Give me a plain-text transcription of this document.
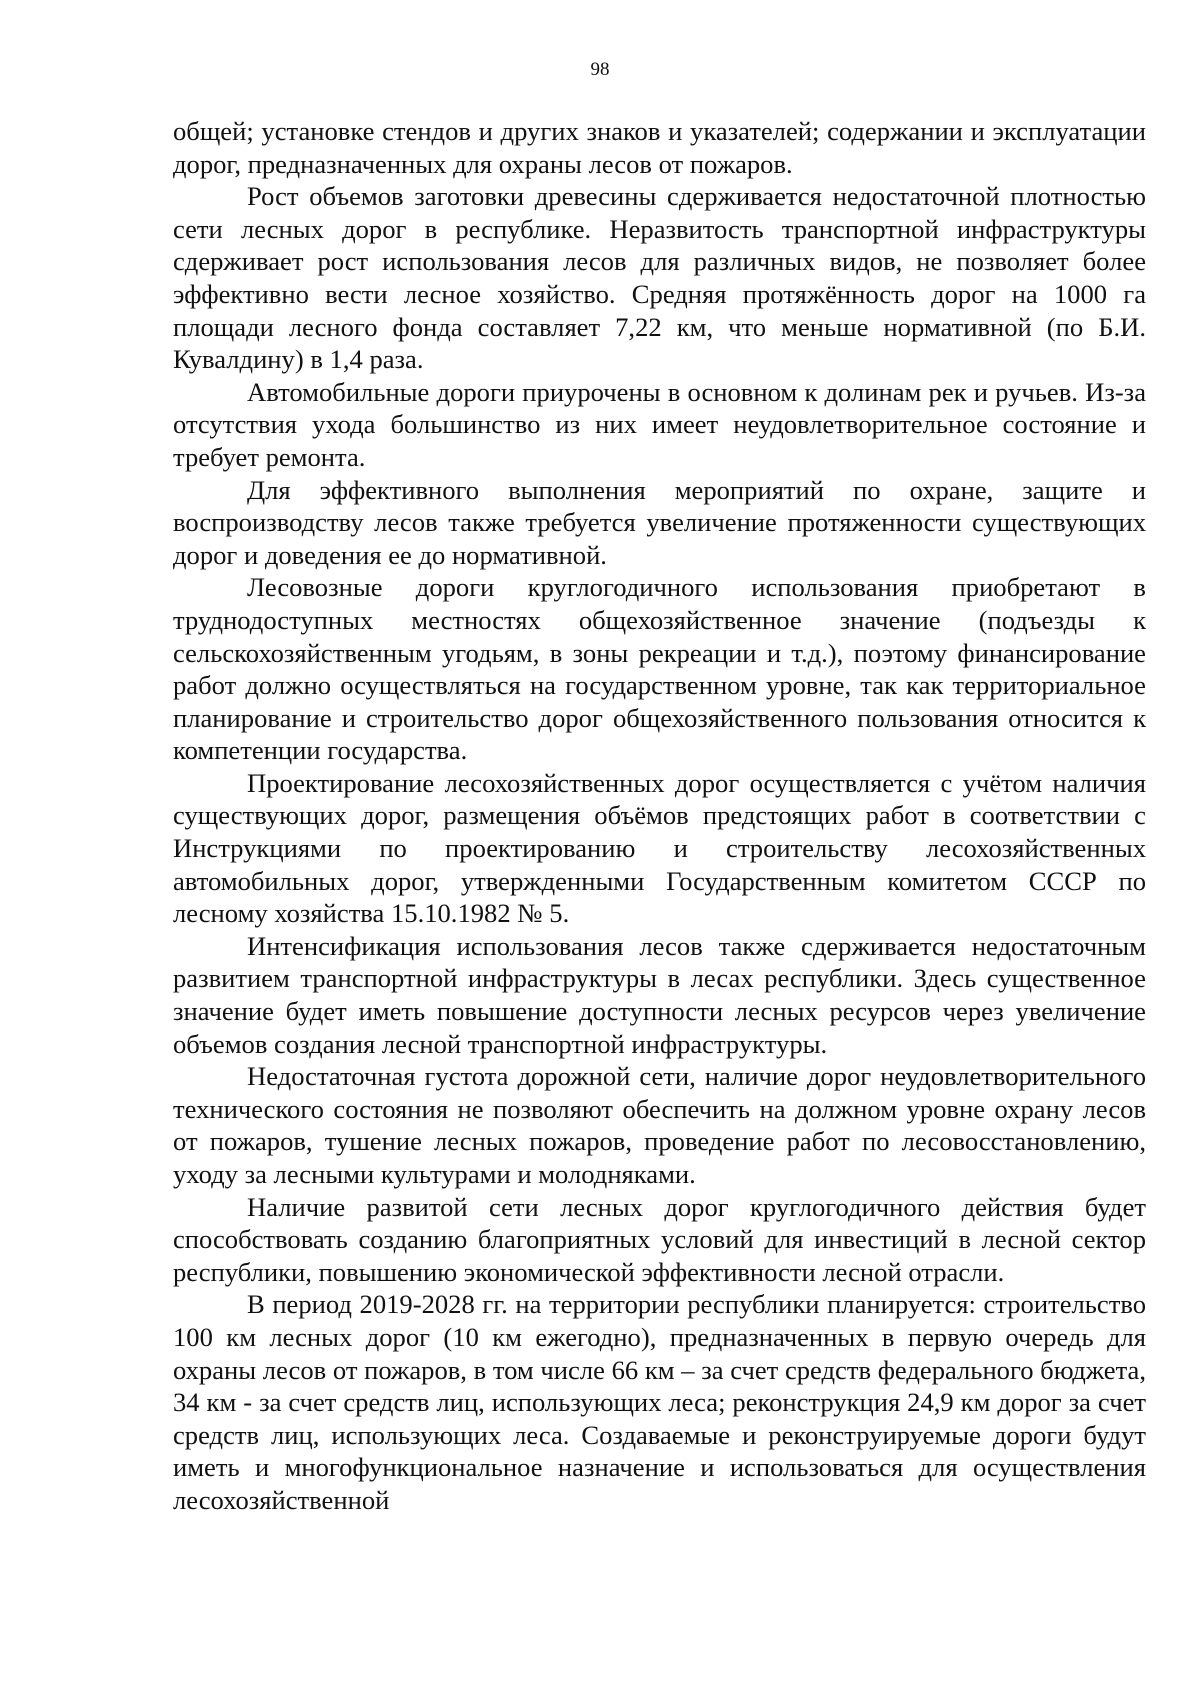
98

общей; установке стендов и других знаков и указателей; содержании и эксплуатации дорог, предназначенных для охраны лесов от пожаров.

Рост объемов заготовки древесины сдерживается недостаточной плотностью сети лесных дорог в республике. Неразвитость транспортной инфраструктуры сдерживает рост использования лесов для различных видов, не позволяет более эффективно вести лесное хозяйство. Средняя протяжённость дорог на 1000 га площади лесного фонда составляет 7,22 км, что меньше нормативной (по Б.И. Кувалдину) в 1,4 раза.

Автомобильные дороги приурочены в основном к долинам рек и ручьев. Из-за отсутствия ухода большинство из них имеет неудовлетворительное состояние и требует ремонта.

Для эффективного выполнения мероприятий по охране, защите и воспроизводству лесов также требуется увеличение протяженности существующих дорог и доведения ее до нормативной.

Лесовозные дороги круглогодичного использования приобретают в труднодоступных местностях общехозяйственное значение (подъезды к сельскохозяйственным угодьям, в зоны рекреации и т.д.), поэтому финансирование работ должно осуществляться на государственном уровне, так как территориальное планирование и строительство дорог общехозяйственного пользования относится к компетенции государства.

Проектирование лесохозяйственных дорог осуществляется с учётом наличия существующих дорог, размещения объёмов предстоящих работ в соответствии с Инструкциями по проектированию и строительству лесохозяйственных автомобильных дорог, утвержденными Государственным комитетом СССР по лесному хозяйства 15.10.1982 № 5.

Интенсификация использования лесов также сдерживается недостаточным развитием транспортной инфраструктуры в лесах республики. Здесь существенное значение будет иметь повышение доступности лесных ресурсов через увеличение объемов создания лесной транспортной инфраструктуры.

Недостаточная густота дорожной сети, наличие дорог неудовлетворительного технического состояния не позволяют обеспечить на должном уровне охрану лесов от пожаров, тушение лесных пожаров, проведение работ по лесовосстановлению, уходу за лесными культурами и молодняками.

Наличие развитой сети лесных дорог круглогодичного действия будет способствовать созданию благоприятных условий для инвестиций в лесной сектор республики, повышению экономической эффективности лесной отрасли.

В период 2019-2028 гг. на территории республики планируется: строительство 100 км лесных дорог (10 км ежегодно), предназначенных в первую очередь для охраны лесов от пожаров, в том числе 66 км – за счет средств федерального бюджета, 34 км - за счет средств лиц, использующих леса; реконструкция 24,9 км дорог за счет средств лиц, использующих леса. Создаваемые и реконструируемые дороги будут иметь и многофункциональное назначение и использоваться для осуществления лесохозяйственной
